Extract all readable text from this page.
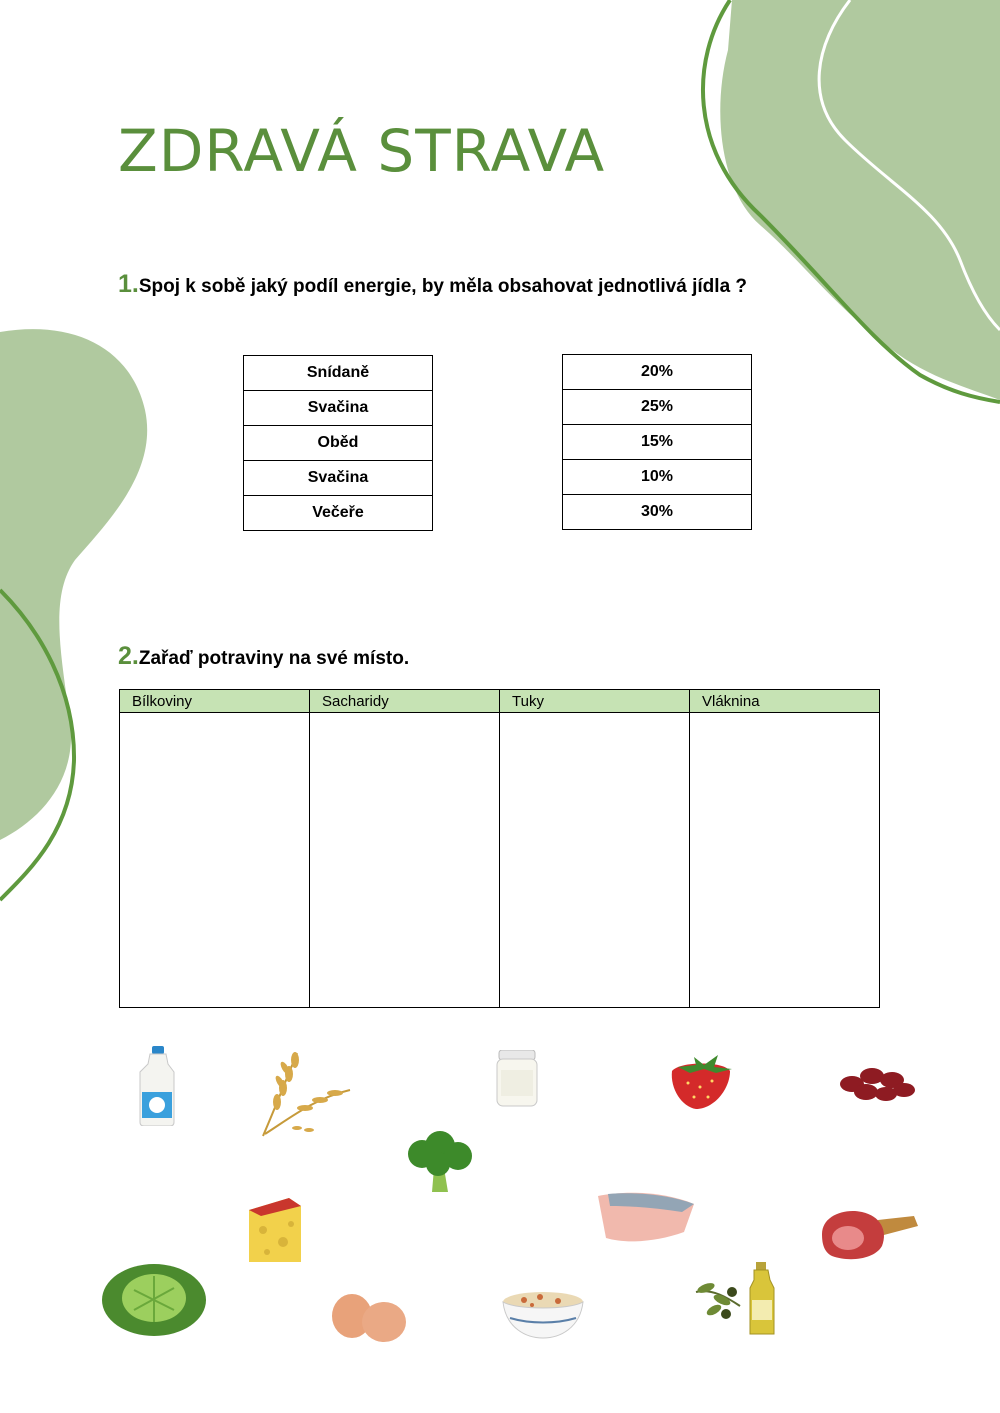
ZDRAVÁ STRAVA
1.Spoj k sobě jaký podíl energie, by měla obsahovat jednotlivá jídla ?
Snídaně
Svačina
Oběd
Svačina
Večeře
20%
25%
15%
10%
30%
2.Zařaď potraviny na své místo.
Bílkoviny	Sacharidy	Tuky	Vláknina
